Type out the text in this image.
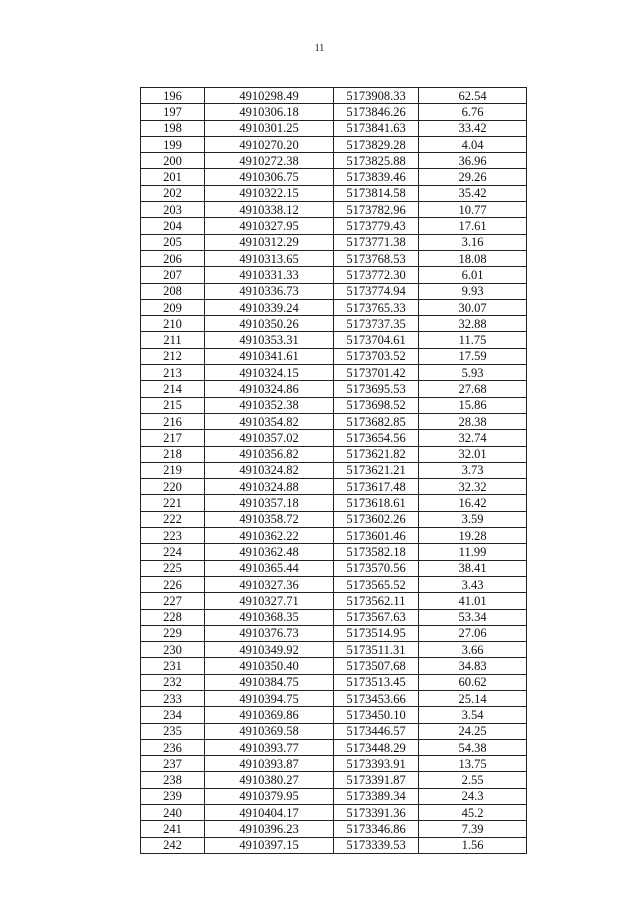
11
196	4910298.49	5173908.33	62.54
197	4910306.18	5173846.26	6.76
198	4910301.25	5173841.63	33.42
199	4910270.20	5173829.28	4.04
200	4910272.38	5173825.88	36.96
201	4910306.75	5173839.46	29.26
202	4910322.15	5173814.58	35.42
203	4910338.12	5173782.96	10.77
204	4910327.95	5173779.43	17.61
205	4910312.29	5173771.38	3.16
206	4910313.65	5173768.53	18.08
207	4910331.33	5173772.30	6.01
208	4910336.73	5173774.94	9.93
209	4910339.24	5173765.33	30.07
210	4910350.26	5173737.35	32.88
211	4910353.31	5173704.61	11.75
212	4910341.61	5173703.52	17.59
213	4910324.15	5173701.42	5.93
214	4910324.86	5173695.53	27.68
215	4910352.38	5173698.52	15.86
216	4910354.82	5173682.85	28.38
217	4910357.02	5173654.56	32.74
218	4910356.82	5173621.82	32.01
219	4910324.82	5173621.21	3.73
220	4910324.88	5173617.48	32.32
221	4910357.18	5173618.61	16.42
222	4910358.72	5173602.26	3.59
223	4910362.22	5173601.46	19.28
224	4910362.48	5173582.18	11.99
225	4910365.44	5173570.56	38.41
226	4910327.36	5173565.52	3.43
227	4910327.71	5173562.11	41.01
228	4910368.35	5173567.63	53.34
229	4910376.73	5173514.95	27.06
230	4910349.92	5173511.31	3.66
231	4910350.40	5173507.68	34.83
232	4910384.75	5173513.45	60.62
233	4910394.75	5173453.66	25.14
234	4910369.86	5173450.10	3.54
235	4910369.58	5173446.57	24.25
236	4910393.77	5173448.29	54.38
237	4910393.87	5173393.91	13.75
238	4910380.27	5173391.87	2.55
239	4910379.95	5173389.34	24.3
240	4910404.17	5173391.36	45.2
241	4910396.23	5173346.86	7.39
242	4910397.15	5173339.53	1.56
